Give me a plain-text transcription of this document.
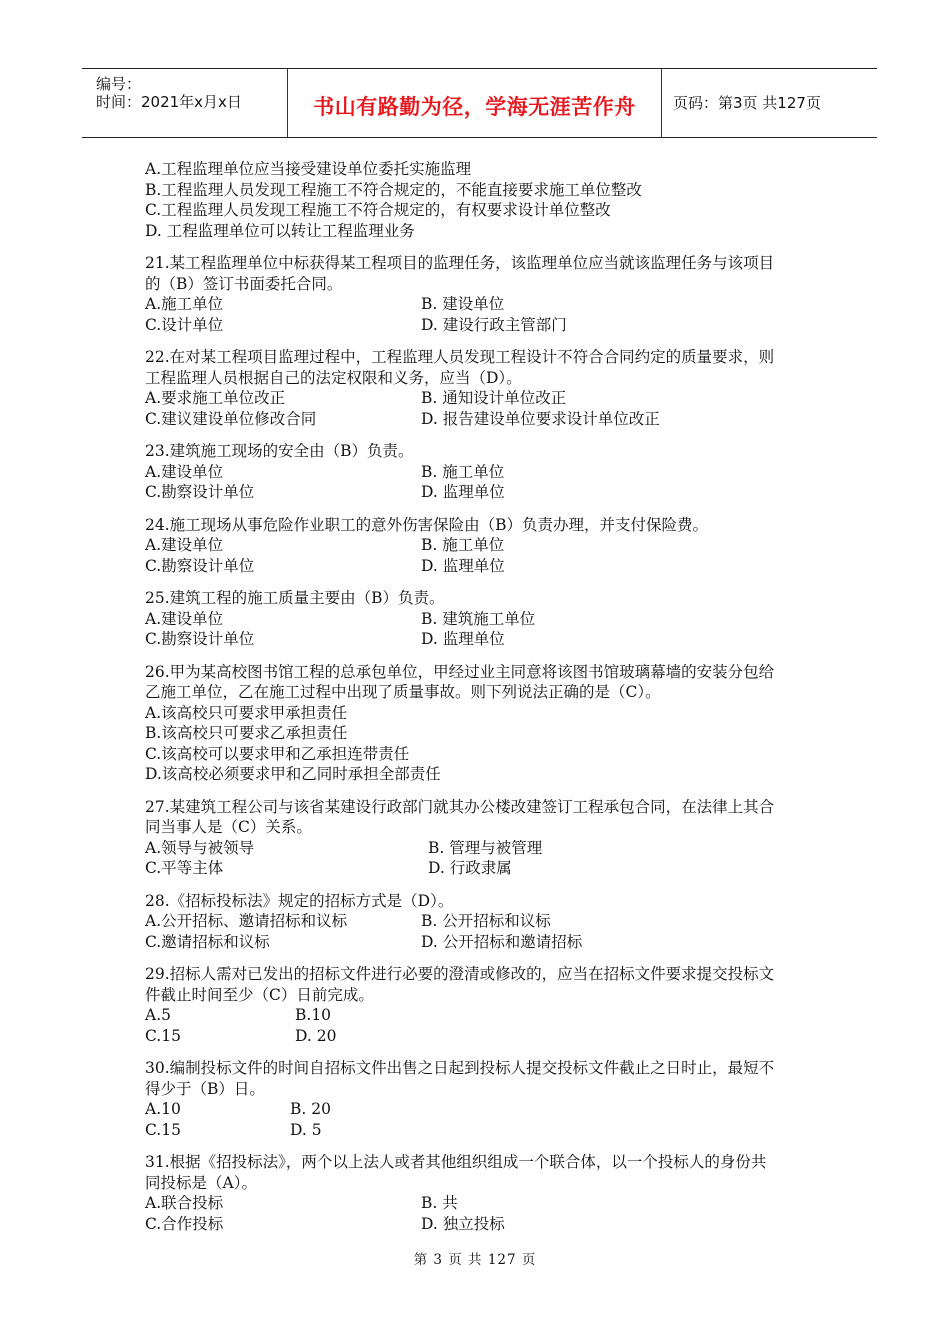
编号：
时间：2021年x月x日	书山有路勤为径，学海无涯苦作舟	页码：第3页 共127页
A.工程监理单位应当接受建设单位委托实施监理
B.工程监理人员发现工程施工不符合规定的，不能直接要求施工单位整改
C.工程监理人员发现工程施工不符合规定的，有权要求设计单位整改
D. 工程监理单位可以转让工程监理业务
21.某工程监理单位中标获得某工程项目的监理任务，该监理单位应当就该监理任务与该项目
的（B）签订书面委托合同。
A.施工单位	B. 建设单位
C.设计单位	D. 建设行政主管部门
22.在对某工程项目监理过程中，工程监理人员发现工程设计不符合合同约定的质量要求，则
工程监理人员根据自己的法定权限和义务，应当（D）。
A.要求施工单位改正	B. 通知设计单位改正
C.建议建设单位修改合同	D. 报告建设单位要求设计单位改正
23.建筑施工现场的安全由（B）负责。
A.建设单位	B. 施工单位
C.勘察设计单位	D. 监理单位
24.施工现场从事危险作业职工的意外伤害保险由（B）负责办理，并支付保险费。
A.建设单位	B. 施工单位
C.勘察设计单位	D. 监理单位
25.建筑工程的施工质量主要由（B）负责。
A.建设单位	B. 建筑施工单位
C.勘察设计单位	D. 监理单位
26.甲为某高校图书馆工程的总承包单位，甲经过业主同意将该图书馆玻璃幕墙的安装分包给
乙施工单位，乙在施工过程中出现了质量事故。则下列说法正确的是（C）。
A.该高校只可要求甲承担责任
B.该高校只可要求乙承担责任
C.该高校可以要求甲和乙承担连带责任
D.该高校必须要求甲和乙同时承担全部责任
27.某建筑工程公司与该省某建设行政部门就其办公楼改建签订工程承包合同，在法律上其合
同当事人是（C）关系。
A.领导与被领导	B. 管理与被管理
C.平等主体	D. 行政隶属
28.《招标投标法》规定的招标方式是（D）。
A.公开招标、邀请招标和议标	B. 公开招标和议标
C.邀请招标和议标	D. 公开招标和邀请招标
29.招标人需对已发出的招标文件进行必要的澄清或修改的，应当在招标文件要求提交投标文
件截止时间至少（C）日前完成。
A.5	B.10
C.15	D. 20
30.编制投标文件的时间自招标文件出售之日起到投标人提交投标文件截止之日时止，最短不
得少于（B）日。
A.10	B. 20
C.15	D. 5
31.根据《招投标法》，两个以上法人或者其他组织组成一个联合体，以一个投标人的身份共
同投标是（A）。
A.联合投标	B. 共
C.合作投标	D. 独立投标
第 3 页 共 127 页
